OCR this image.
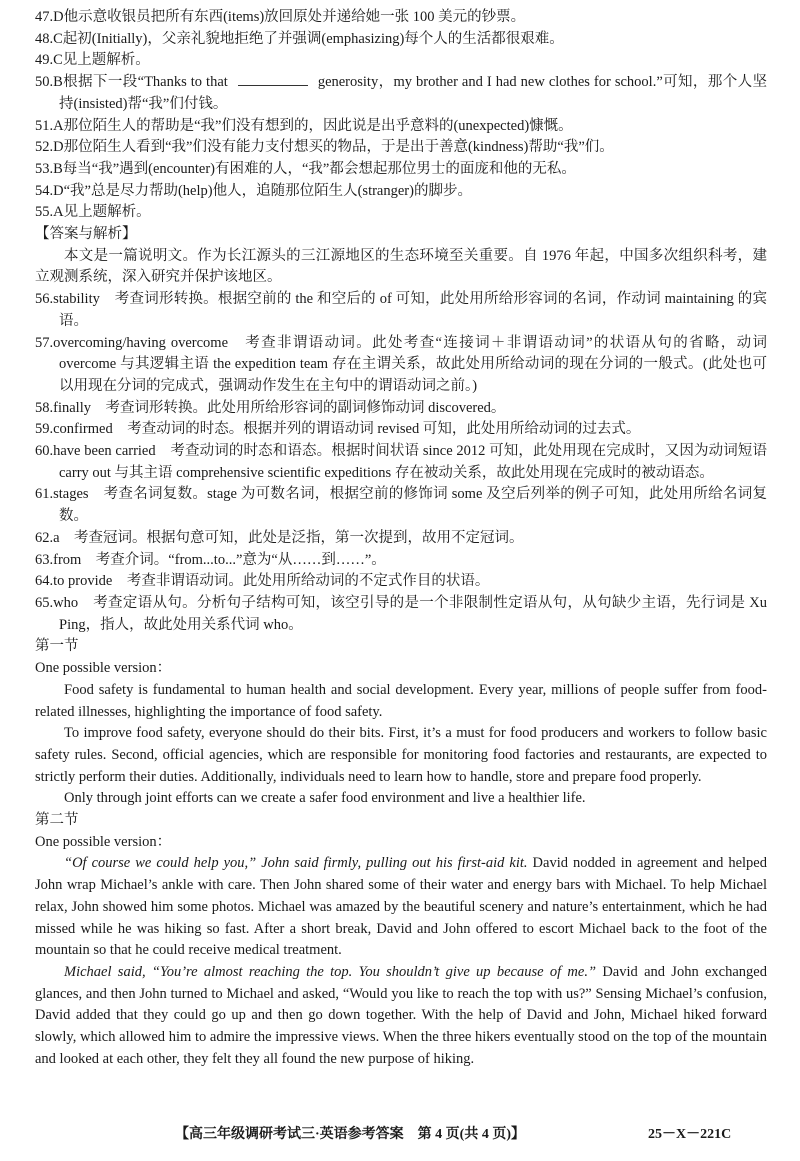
47.D他示意收银员把所有东西(items)放回原处并递给她一张 100 美元的钞票。
48.C起初(Initially)，父亲礼貌地拒绝了并强调(emphasizing)每个人的生活都很艰难。
49.C见上题解析。
50.B根据下一段“Thanks to that	generosity，my brother and I had new clothes for school.”可知，那个人坚持(insisted)帮“我”们付钱。
51.A那位陌生人的帮助是“我”们没有想到的，因此说是出乎意料的(unexpected)慷慨。
52.D那位陌生人看到“我”们没有能力支付想买的物品，于是出于善意(kindness)帮助“我”们。
53.B每当“我”遇到(encounter)有困难的人，“我”都会想起那位男士的面庞和他的无私。
54.D“我”总是尽力帮助(help)他人，追随那位陌生人(stranger)的脚步。
55.A见上题解析。
【答案与解析】
本文是一篇说明文。作为长江源头的三江源地区的生态环境至关重要。自 1976 年起，中国多次组织科考，建立观测系统，深入研究并保护该地区。
56.stability　考查词形转换。根据空前的 the 和空后的 of 可知，此处用所给形容词的名词，作动词 maintaining 的宾语。
57.overcoming/having overcome　考查非谓语动词。此处考查“连接词＋非谓语动词”的状语从句的省略，动词 overcome 与其逻辑主语 the expedition team 存在主谓关系，故此处用所给动词的现在分词的一般式。(此处也可以用现在分词的完成式，强调动作发生在主句中的谓语动词之前。)
58.finally　考查词形转换。此处用所给形容词的副词修饰动词 discovered。
59.confirmed　考查动词的时态。根据并列的谓语动词 revised 可知，此处用所给动词的过去式。
60.have been carried　考查动词的时态和语态。根据时间状语 since 2012 可知，此处用现在完成时，又因为动词短语 carry out 与其主语 comprehensive scientific expeditions 存在被动关系，故此处用现在完成时的被动语态。
61.stages　考查名词复数。stage 为可数名词，根据空前的修饰词 some 及空后列举的例子可知，此处用所给名词复数。
62.a　考查冠词。根据句意可知，此处是泛指，第一次提到，故用不定冠词。
63.from　考查介词。“from...to...”意为“从……到……”。
64.to provide　考查非谓语动词。此处用所给动词的不定式作目的状语。
65.who　考查定语从句。分析句子结构可知，该空引导的是一个非限制性定语从句，从句缺少主语，先行词是 Xu Ping，指人，故此处用关系代词 who。
第一节
One possible version：
Food safety is fundamental to human health and social development. Every year, millions of people suffer from food-related illnesses, highlighting the importance of food safety.
To improve food safety, everyone should do their bits. First, it’s a must for food producers and workers to follow basic safety rules. Second, official agencies, which are responsible for monitoring food factories and restaurants, are expected to strictly perform their duties. Additionally, individuals need to learn how to handle, store and prepare food properly.
Only through joint efforts can we create a safer food environment and live a healthier life.
第二节
One possible version：
“Of course we could help you,” John said firmly, pulling out his first-aid kit. David nodded in agreement and helped John wrap Michael’s ankle with care. Then John shared some of their water and energy bars with Michael. To help Michael relax, John showed him some photos. Michael was amazed by the beautiful scenery and nature’s entertainment, which he had missed while he was hiking so fast. After a short break, David and John offered to escort Michael back to the foot of the mountain so that he could receive medical treatment.
Michael said, “You’re almost reaching the top. You shouldn’t give up because of me.” David and John exchanged glances, and then John turned to Michael and asked, “Would you like to reach the top with us?” Sensing Michael’s confusion, David added that they could go up and then go down together. With the help of David and John, Michael hiked forward slowly, which allowed him to admire the impressive views. When the three hikers eventually stood on the top of the mountain and looked at each other, they felt they all found the new purpose of hiking.
【高三年级调研考试三·英语参考答案　第 4 页(共 4 页)】	25－X－221C
